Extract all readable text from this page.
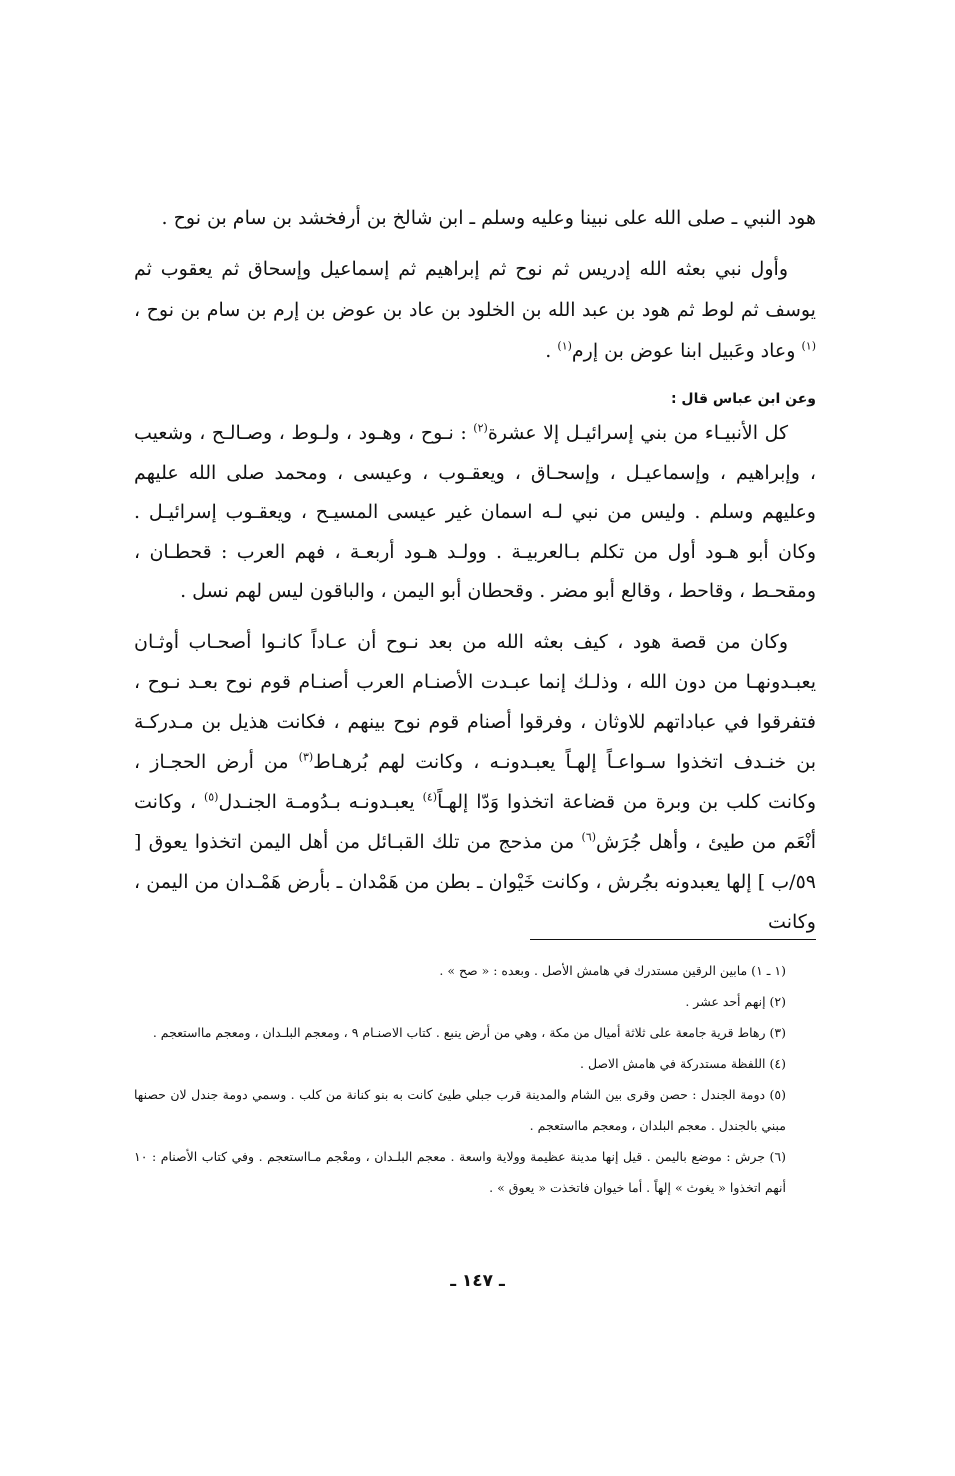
هود النبي ـ صلى الله على نبينا وعليه وسلم ـ ابن شالخ بن أرفخشد بن سام بن نوح .

وأول نبي بعثه الله إدريس ثم نوح ثم إبراهيم ثم إسماعيل وإسحاق ثم يعقوب ثم يوسف ثم لوط ثم هود بن عبد الله بن الخلود بن عاد بن عوض بن إرم بن سام بن نوح ،$^{(١)}$ وعاد وعَبيل ابنا عوض بن إرم$^{(١)}$ .

وعن ابن عباس قال :

كل الأنبيـاء من بني إسرائيـل إلا عشرة$^{(٢)}$ : نـوح ، وهـود ، ولـوط ، وصـالـح ، وشعيب ، وإبراهيم ، وإسماعيـل ، وإسحـاق ، ويعقـوب ، وعيسى ، ومحمد صلى الله عليهم وعليهم وسلم . وليس من نبي لـه اسمان غير عيسى المسيـح ، ويعقـوب إسرائيـل . وكان أبو هـود أول من تكلم بـالعربيـة . وولـد هـود أربعـة ، فهم العرب : قحطـان ، ومقحـط ، وقاحط ، وقالع أبو مضر . وقحطان أبو اليمن ، والباقون ليس لهم نسل .

وكان من قصة هود ، كيف بعثه الله من بعد نـوح أن عـاداً كانـوا أصحـاب أوثـان يعبـدونهـا من دون الله ، وذلـك إنما عبـدت الأصنـام العرب أصنـام قوم نوح بعـد نـوح ، فتفرقوا في عباداتهم للاوثان ، وفرقوا أصنام قوم نوح بينهم ، فكانت هذيل بن مـدركـة بن خنـدف اتخذوا سـواعـاً إلهـاً يعبـدونـه ، وكانت لهم بُرهـاط$^{(٣)}$ من أرض الحجـاز ، وكانت كلب بن وبرة من قضاعة اتخذوا وَدّا إلهـاً$^{(٤)}$ يعبـدونـه بـدُومـة الجنـدل$^{(٥)}$ ، وكانت أنْعَم من طيئ ، وأهل جُرَش$^{(٦)}$ من مذحج من تلك القبـائل من أهل اليمن اتخذوا يعوق [ ٥٩/ب ] إلها يعبدونه بجُرش ، وكانت خَيْوان ـ بطن من هَمْدان ـ بأرض هَمْـدان من اليمن ، وكانت

(١ ـ ١) مابين الرقين مستدرك في هامش الأصل . وبعده : « صح » .

(٢) إنهم أحد عشر .

(٣) رهاط قرية جامعة على ثلاثة أميال من مكة ، وهي من أرض ينبع . كتاب الاصنـام ٩ ، ومعجم البلـدان ، ومعجم مااستعجم .

(٤) اللفظة مستدركة في هامش الاصل .

(٥) دومة الجندل : حصن وقرى بين الشام والمدينة قرب جبلي طيئ كانت به بنو كنانة من كلب . وسمي دومة جندل لان حصنها مبني بالجندل . معجم البلدان ، ومعجم مااستعجم .

(٦) جرش : موضع باليمن . قيل إنها مدينة عظيمة وولاية واسعة . معجم البلـدان ، ومعْجم مـااستعجم . وفي كتاب الأصنام : ١٠ أنهم اتخذوا « يغوث » إلهاً . أما خيوان فاتخذت « يعوق » .

ـ ١٤٧ ـ
